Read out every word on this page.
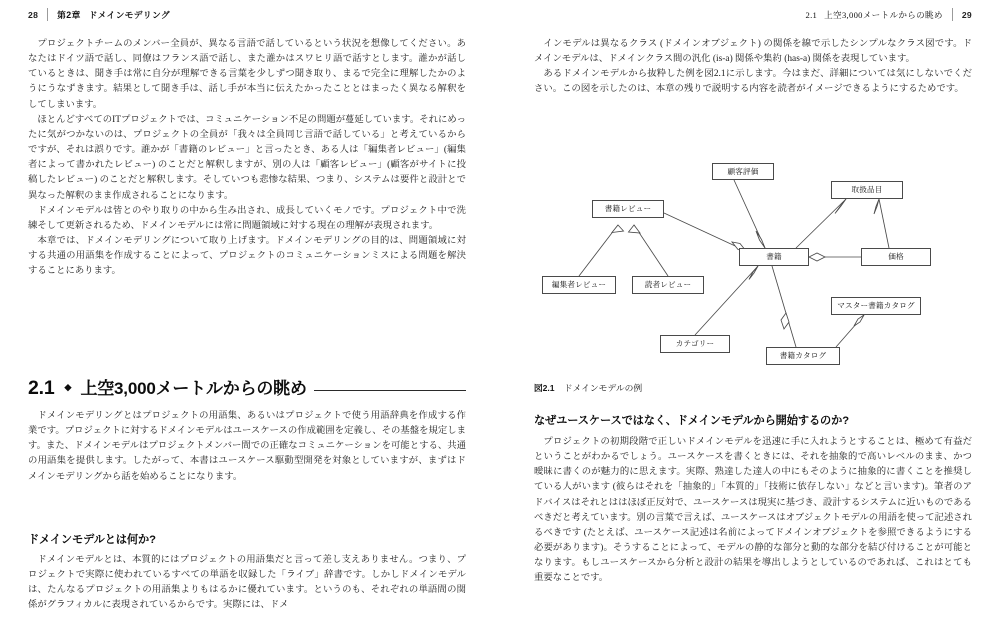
28 第2章 ドメインモデリング

プロジェクトチームのメンバー全員が、異なる言語で話しているという状況を想像してください。あなたはドイツ語で話し、同僚はフランス語で話し、また誰かはスワヒリ語で話すとします。誰かが話しているときは、聞き手は常に自分が理解できる言葉を少しずつ聞き取り、まるで完全に理解したかのようにうなずきます。結果として聞き手は、話し手が本当に伝えたかったこととはまったく異なる解釈をしてしまいます。

ほとんどすべてのITプロジェクトでは、コミュニケーション不足の問題が蔓延しています。それにめったに気がつかないのは、プロジェクトの全員が「我々は全員同じ言語で話している」と考えているからですが、それは誤りです。誰かが「書籍のレビュー」と言ったとき、ある人は「編集者レビュー」(編集者によって書かれたレビュー) のことだと解釈しますが、別の人は「顧客レビュー」(顧客がサイトに投稿したレビュー) のことだと解釈します。そしていつも悲惨な結果、つまり、システムは要件と設計とで異なった解釈のまま作成されることになります。

ドメインモデルは皆とのやり取りの中から生み出され、成長していくモノです。プロジェクト中で洗練そして更新されるため、ドメインモデルには常に問題領域に対する現在の理解が表現されます。

本章では、ドメインモデリングについて取り上げます。ドメインモデリングの目的は、問題領域に対する共通の用語集を作成することによって、プロジェクトのコミュニケーションミスによる問題を解決することにあります。

2.1 ◆ 上空3,000メートルからの眺め

ドメインモデリングとはプロジェクトの用語集、あるいはプロジェクトで使う用語辞典を作成する作業です。プロジェクトに対するドメインモデルはユースケースの作成範囲を定義し、その基盤を規定します。また、ドメインモデルはプロジェクトメンバー間での正確なコミュニケーションを可能とする、共通の用語集を提供します。したがって、本書はユースケース駆動型開発を対象としていますが、まずはドメインモデリングから話を始めることになります。

ドメインモデルとは何か?

ドメインモデルとは、本質的にはプロジェクトの用語集だと言って差し支えありません。つまり、プロジェクトで実際に使われているすべての単語を収録した「ライブ」辞書です。しかしドメインモデルは、たんなるプロジェクトの用語集よりもはるかに優れています。というのも、それぞれの単語間の関係がグラフィカルに表現されているからです。実際には、ドメ

2.1 上空3,000メートルからの眺め 29

インモデルは異なるクラス (ドメインオブジェクト) の関係を線で示したシンプルなクラス図です。ドメインモデルは、ドメインクラス間の汎化 (is-a) 関係や集約 (has-a) 関係を表現しています。

あるドメインモデルから抜粋した例を図2.1に示します。今はまだ、詳細については気にしないでください。この図を示したのは、本章の残りで説明する内容を読者がイメージできるようにするためです。

顧客評価
取扱品目
書籍レビュー
書籍	価格
編集者レビュー	読者レビュー
マスター書籍カタログ
カテゴリー
書籍カタログ
図2.1 ドメインモデルの例
なぜユースケースではなく、ドメインモデルから開始するのか?

プロジェクトの初期段階で正しいドメインモデルを迅速に手に入れようとすることは、極めて有益だということがわかるでしょう。ユースケースを書くときには、それを抽象的で高いレベルのまま、かつ曖昧に書くのが魅力的に思えます。実際、熟達した達人の中にもそのように抽象的に書くことを推奨している人がいます (彼らはそれを「抽象的」「本質的」「技術に依存しない」などと言います)。筆者のアドバイスはそれとははほぼ正反対で、ユースケースは現実に基づき、設計するシステムに近いものであるべきだと考えています。別の言葉で言えば、ユースケースはオブジェクトモデルの用語を使って記述されるべきです (たとえば、ユースケース記述は名前によってドメインオブジェクトを参照できるようにする必要があります)。そうすることによって、モデルの静的な部分と動的な部分を結び付けることが可能となります。もしユースケースから分析と設計の結果を導出しようとしているのであれば、これはとても重要なことです。
